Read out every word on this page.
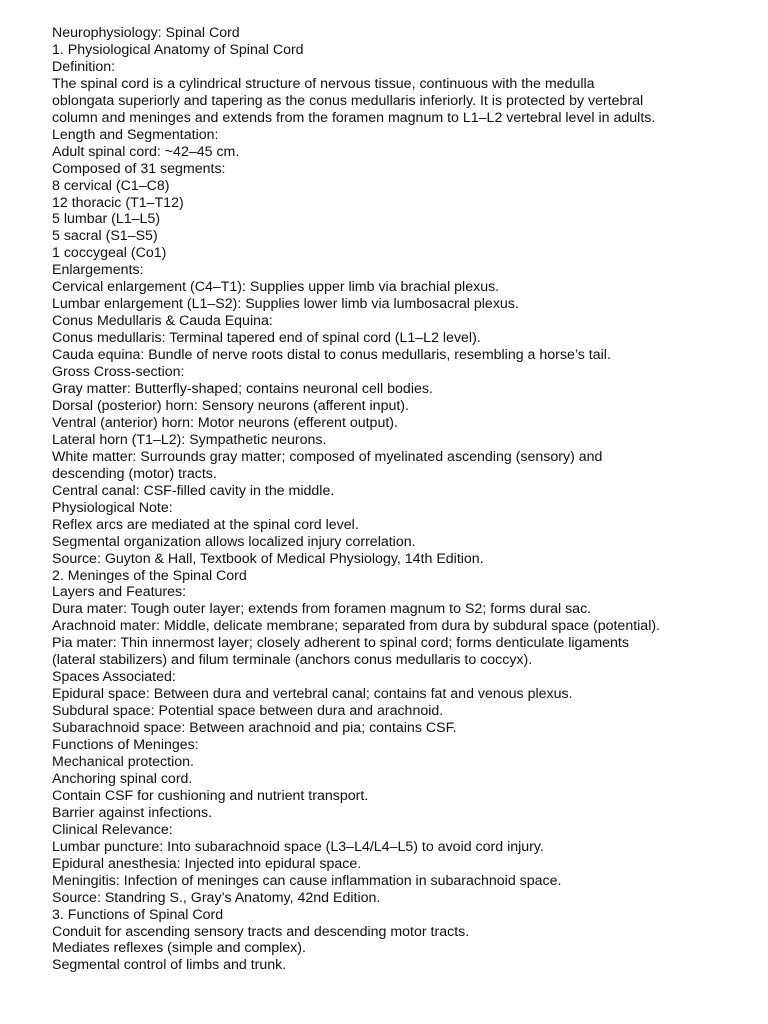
Neurophysiology: Spinal Cord
1. Physiological Anatomy of Spinal Cord
Definition:
The spinal cord is a cylindrical structure of nervous tissue, continuous with the medulla
oblongata superiorly and tapering as the conus medullaris inferiorly. It is protected by vertebral
column and meninges and extends from the foramen magnum to L1–L2 vertebral level in adults.
Length and Segmentation:
Adult spinal cord: ~42–45 cm.
Composed of 31 segments:
8 cervical (C1–C8)
12 thoracic (T1–T12)
5 lumbar (L1–L5)
5 sacral (S1–S5)
1 coccygeal (Co1)
Enlargements:
Cervical enlargement (C4–T1): Supplies upper limb via brachial plexus.
Lumbar enlargement (L1–S2): Supplies lower limb via lumbosacral plexus.
Conus Medullaris & Cauda Equina:
Conus medullaris: Terminal tapered end of spinal cord (L1–L2 level).
Cauda equina: Bundle of nerve roots distal to conus medullaris, resembling a horse’s tail.
Gross Cross-section:
Gray matter: Butterfly-shaped; contains neuronal cell bodies.
Dorsal (posterior) horn: Sensory neurons (afferent input).
Ventral (anterior) horn: Motor neurons (efferent output).
Lateral horn (T1–L2): Sympathetic neurons.
White matter: Surrounds gray matter; composed of myelinated ascending (sensory) and
descending (motor) tracts.
Central canal: CSF-filled cavity in the middle.
Physiological Note:
Reflex arcs are mediated at the spinal cord level.
Segmental organization allows localized injury correlation.
Source: Guyton & Hall, Textbook of Medical Physiology, 14th Edition.
2. Meninges of the Spinal Cord
Layers and Features:
Dura mater: Tough outer layer; extends from foramen magnum to S2; forms dural sac.
Arachnoid mater: Middle, delicate membrane; separated from dura by subdural space (potential).
Pia mater: Thin innermost layer; closely adherent to spinal cord; forms denticulate ligaments
(lateral stabilizers) and filum terminale (anchors conus medullaris to coccyx).
Spaces Associated:
Epidural space: Between dura and vertebral canal; contains fat and venous plexus.
Subdural space: Potential space between dura and arachnoid.
Subarachnoid space: Between arachnoid and pia; contains CSF.
Functions of Meninges:
Mechanical protection.
Anchoring spinal cord.
Contain CSF for cushioning and nutrient transport.
Barrier against infections.
Clinical Relevance:
Lumbar puncture: Into subarachnoid space (L3–L4/L4–L5) to avoid cord injury.
Epidural anesthesia: Injected into epidural space.
Meningitis: Infection of meninges can cause inflammation in subarachnoid space.
Source: Standring S., Gray’s Anatomy, 42nd Edition.
3. Functions of Spinal Cord
Conduit for ascending sensory tracts and descending motor tracts.
Mediates reflexes (simple and complex).
Segmental control of limbs and trunk.
